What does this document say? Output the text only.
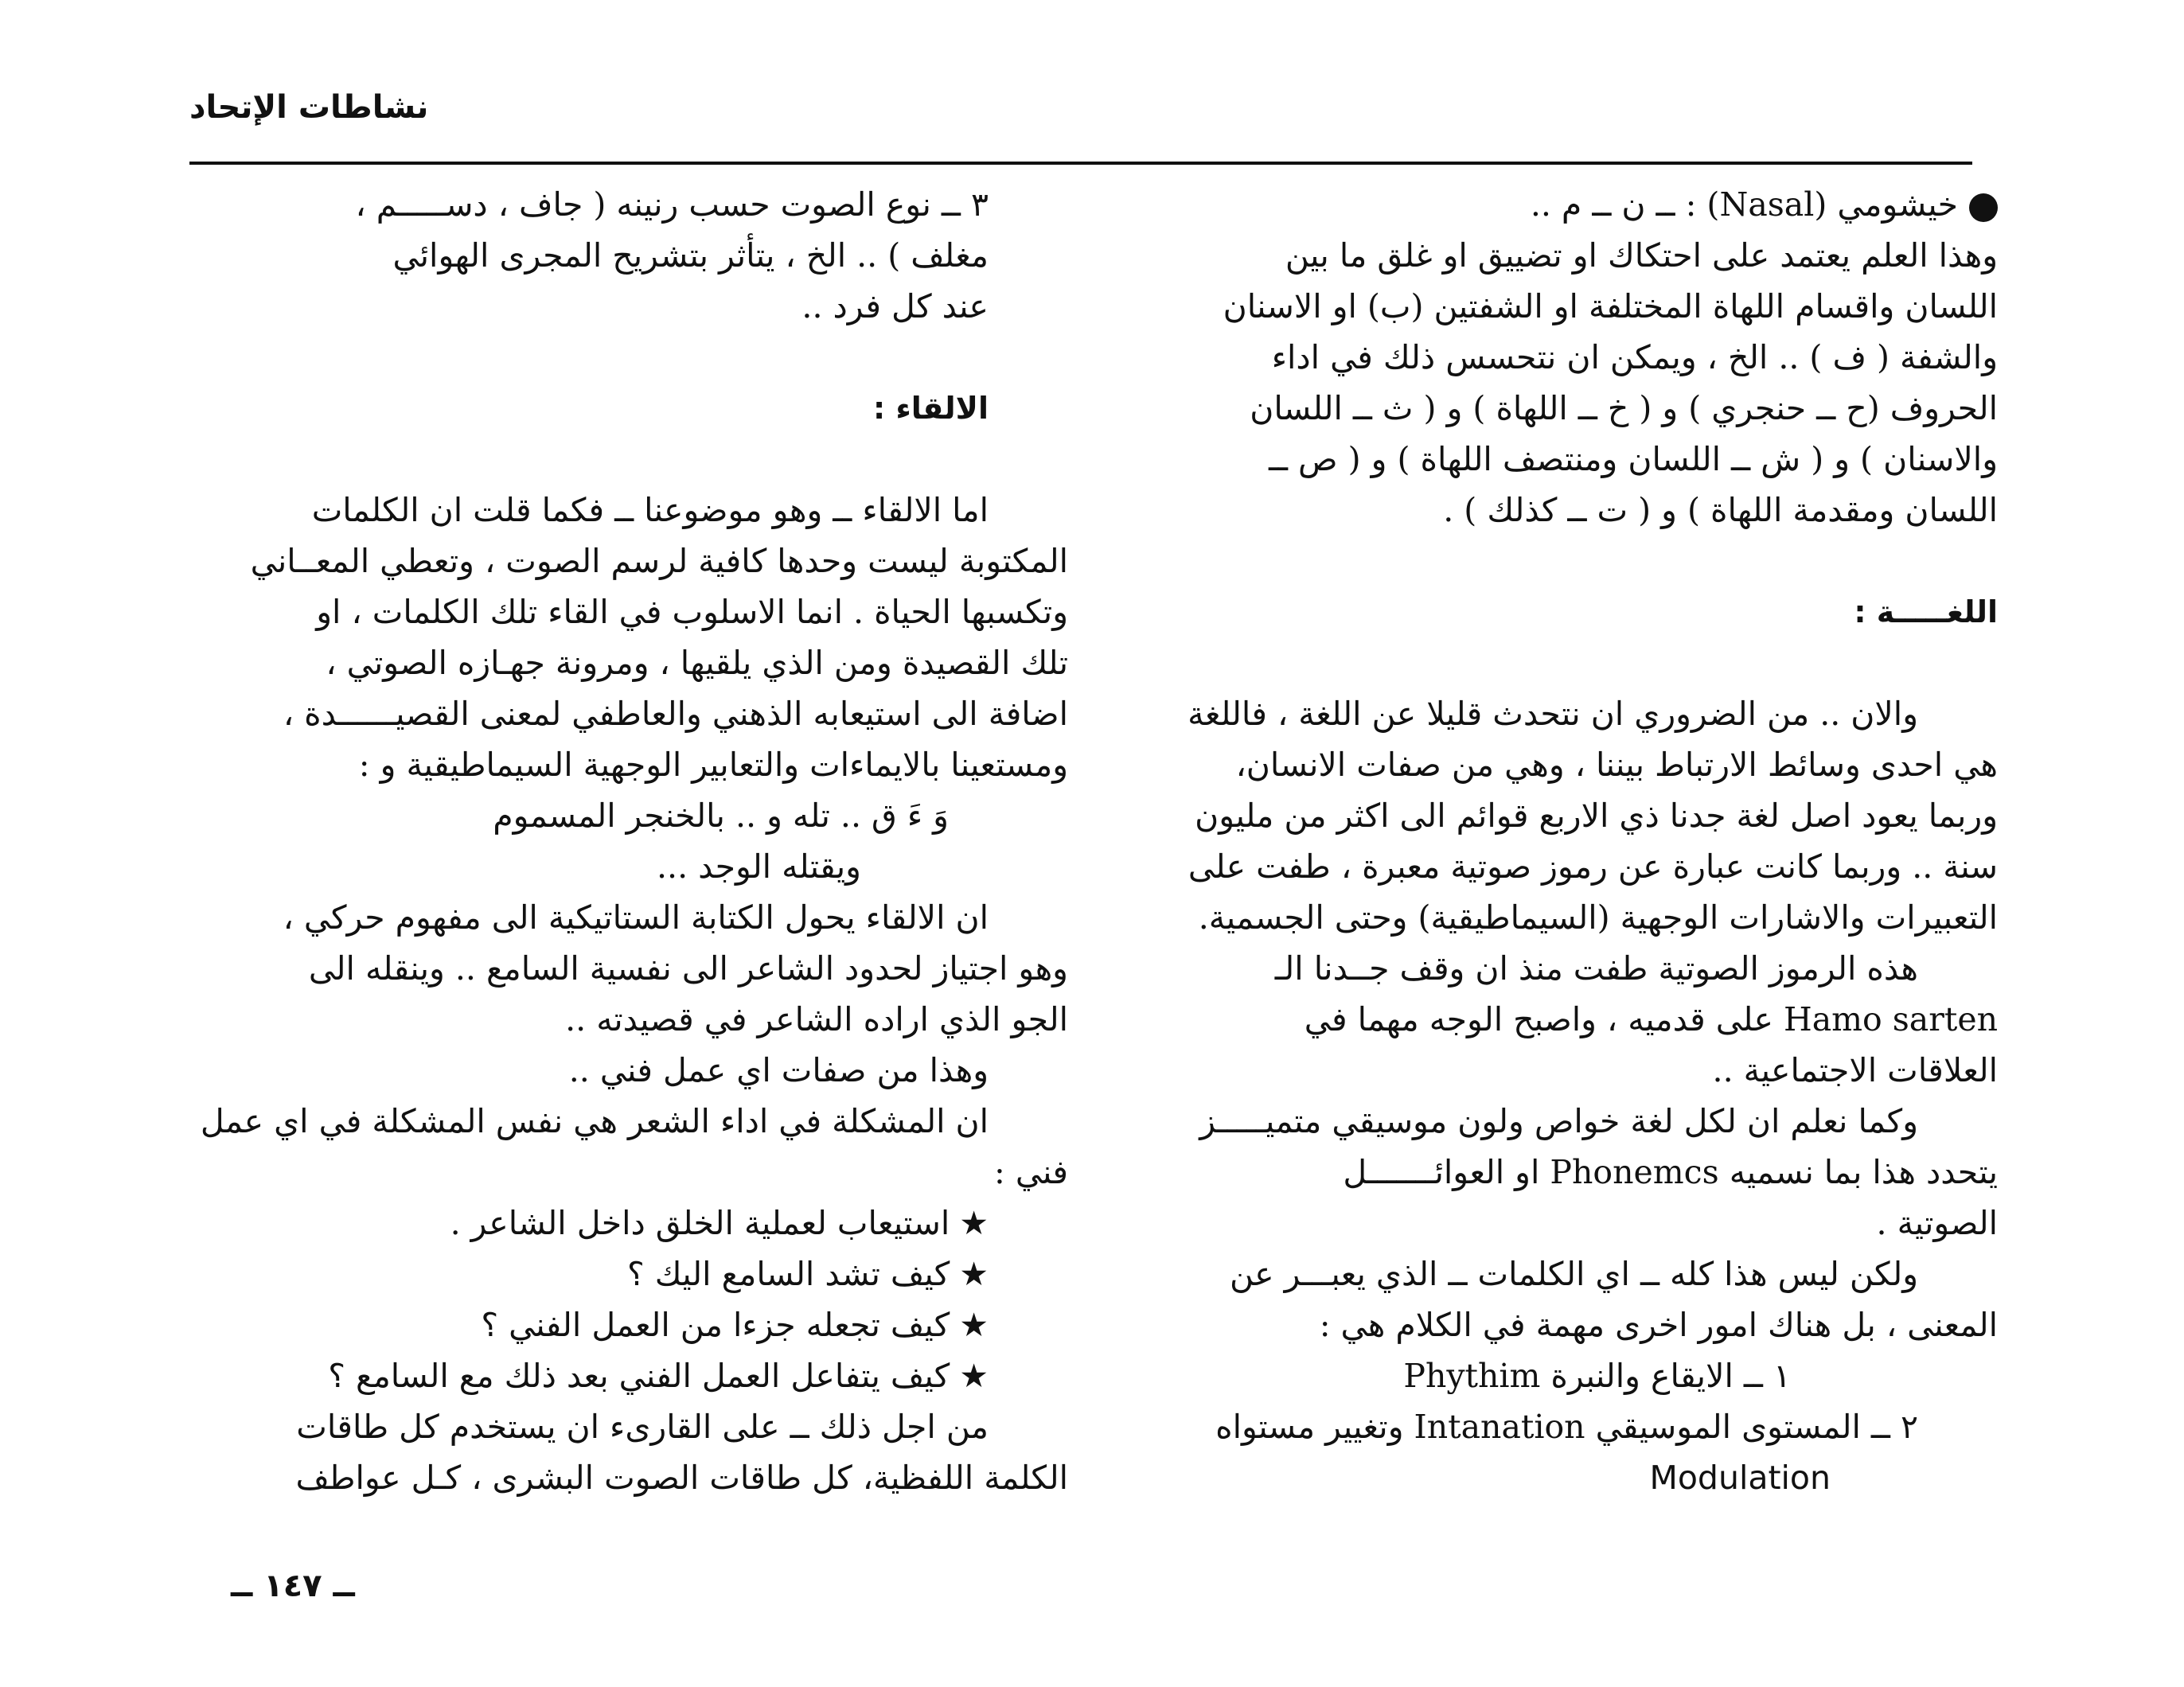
نشاطات الإتحاد
خيشومي (Nasal) : ــ ن ــ م ..
وهذا العلم يعتمد على احتكاك او تضييق او غلق ما بين
اللسان واقسام اللهاة المختلفة او الشفتين (ب) او الاسنان
والشفة ( ف ) .. الخ ، ويمكن ان نتحسس ذلك في اداء
الحروف (ح ــ حنجري ) و ( خ ــ اللهاة ) و ( ث ــ اللسان
والاسنان ) و ( ش ــ اللسان ومنتصف اللهاة ) و ( ص ــ
اللسان ومقدمة اللهاة ) و ( ت ــ كذلك ) .
اللغـــــة :
والان .. من الضروري ان نتحدث قليلا عن اللغة ، فاللغة
هي احدى وسائط الارتباط بيننا ، وهي من صفات الانسان،
وربما يعود اصل لغة جدنا ذي الاربع قوائم الى اكثر من مليون
سنة .. وربما كانت عبارة عن رموز صوتية معبرة ، طفت على
التعبيرات والاشارات الوجهية (السيماطيقية) وحتى الجسمية.
هذه الرموز الصوتية طفت منذ ان وقف جــدنا الـ
Hamo sarten على قدميه ، واصبح الوجه مهما في
العلاقات الاجتماعية ..
وكما نعلم ان لكل لغة خواص ولون موسيقي متميـــــز
يتحدد هذا بما نسميه Phonemcs او العوائـــــــل
الصوتية .
ولكن ليس هذا كله ــ اي الكلمات ــ الذي يعبـــر عن
المعنى ، بل هناك امور اخرى مهمة في الكلام هي :
١ ــ الايقاع والنبرة Phythim
٢ ــ المستوى الموسيقي Intanation وتغيير مستواه
Modulation
٣ ــ نوع الصوت حسب رنينه ( جاف ، دســـــم ،
مغلف ) .. الخ ، يتأثر بتشريح المجرى الهوائي
عند كل فرد ..
الالقاء :
اما الالقاء ــ وهو موضوعنا ــ فكما قلت ان الكلمات
المكتوبة ليست وحدها كافية لرسم الصوت ، وتعطي المعــاني
وتكسبها الحياة . انما الاسلوب في القاء تلك الكلمات ، او
تلك القصيدة ومن الذي يلقيها ، ومرونة جهـازه الصوتي ،
اضافة الى استيعابه الذهني والعاطفي لمعنى القصيــــــدة ،
ومستعينا بالايماءات والتعابير الوجهية السيماطيقية و :
وَ ءَ ق .. تله و .. بالخنجر المسموم
ويقتله الوجد ...
ان الالقاء يحول الكتابة الستاتيكية الى مفهوم حركي ،
وهو اجتياز لحدود الشاعر الى نفسية السامع .. وينقله الى
الجو الذي اراده الشاعر في قصيدته ..
وهذا من صفات اي عمل فني ..
ان المشكلة في اداء الشعر هي نفس المشكلة في اي عمل
فني :
★استيعاب لعملية الخلق داخل الشاعر .
★كيف تشد السامع اليك ؟
★كيف تجعله جزءا من العمل الفني ؟
★كيف يتفاعل العمل الفني بعد ذلك مع السامع ؟
من اجل ذلك ــ على القارىء ان يستخدم كل طاقات
الكلمة اللفظية، كل طاقات الصوت البشرى ، كـل عواطف
ــ ١٤٧ ــ
